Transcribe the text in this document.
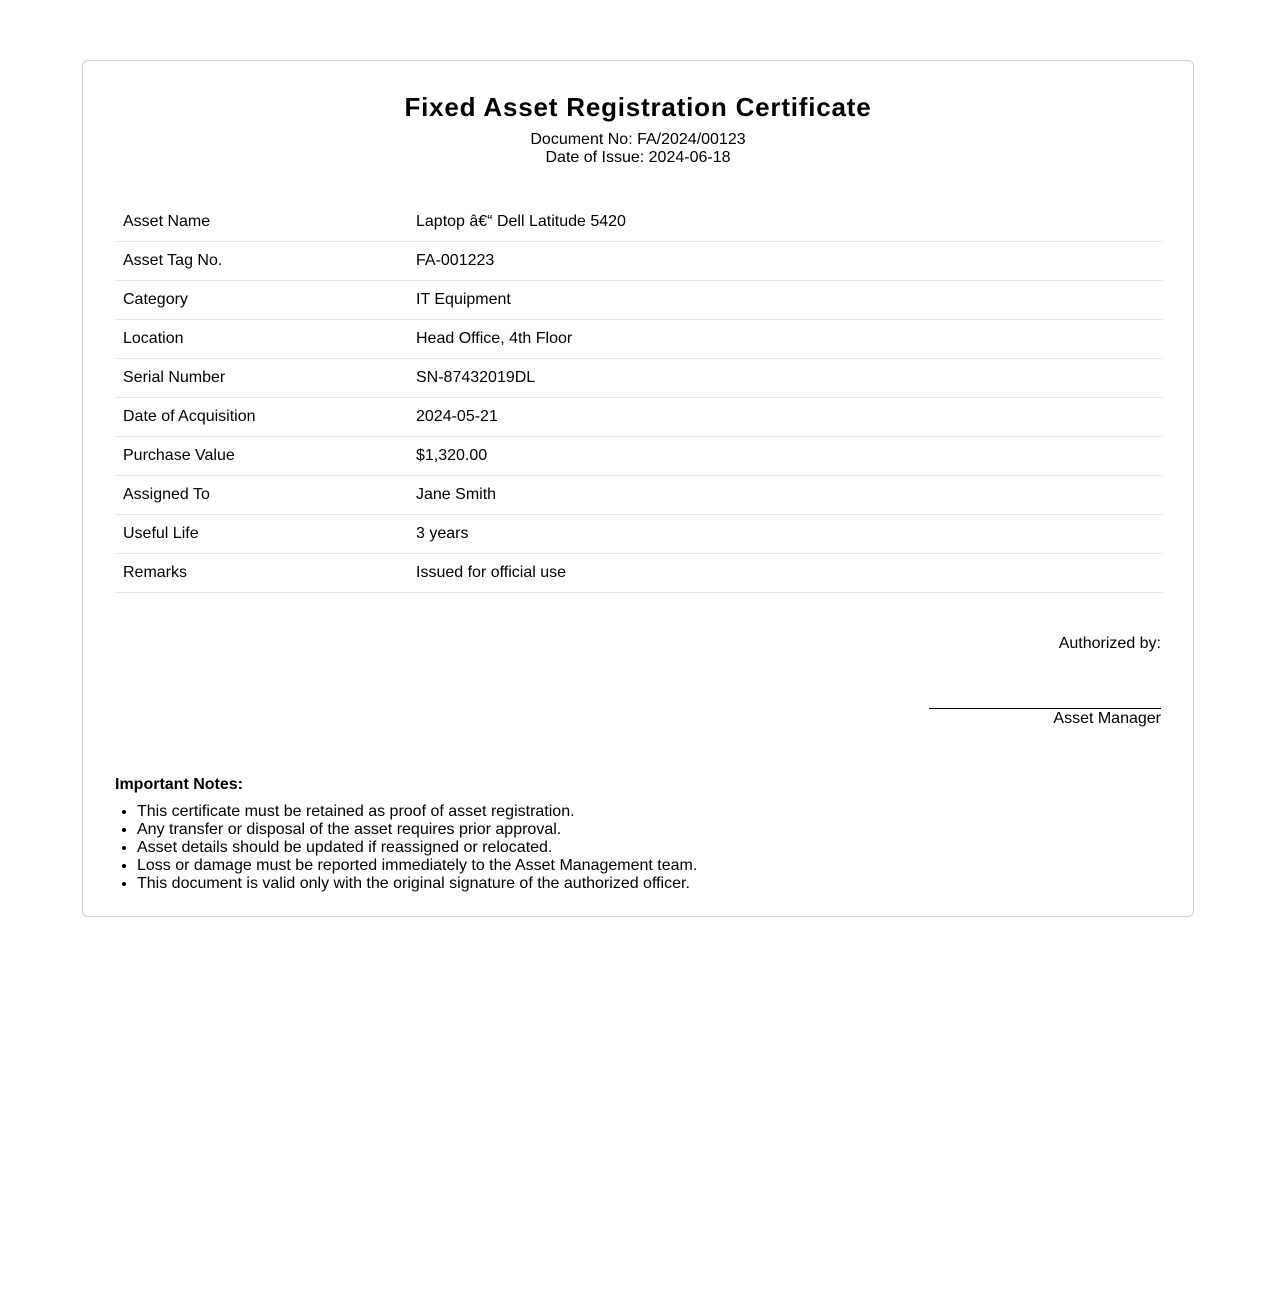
Fixed Asset Registration Certificate
Document No: FA/2024/00123
Date of Issue: 2024-06-18
Asset Name	Laptop â€“ Dell Latitude 5420
Asset Tag No.	FA-001223
Category	IT Equipment
Location	Head Office, 4th Floor
Serial Number	SN-87432019DL
Date of Acquisition	2024-05-21
Purchase Value	$1,320.00
Assigned To	Jane Smith
Useful Life	3 years
Remarks	Issued for official use
Authorized by:
Asset Manager
Important Notes:
• This certificate must be retained as proof of asset registration.
• Any transfer or disposal of the asset requires prior approval.
• Asset details should be updated if reassigned or relocated.
• Loss or damage must be reported immediately to the Asset Management team.
• This document is valid only with the original signature of the authorized officer.
